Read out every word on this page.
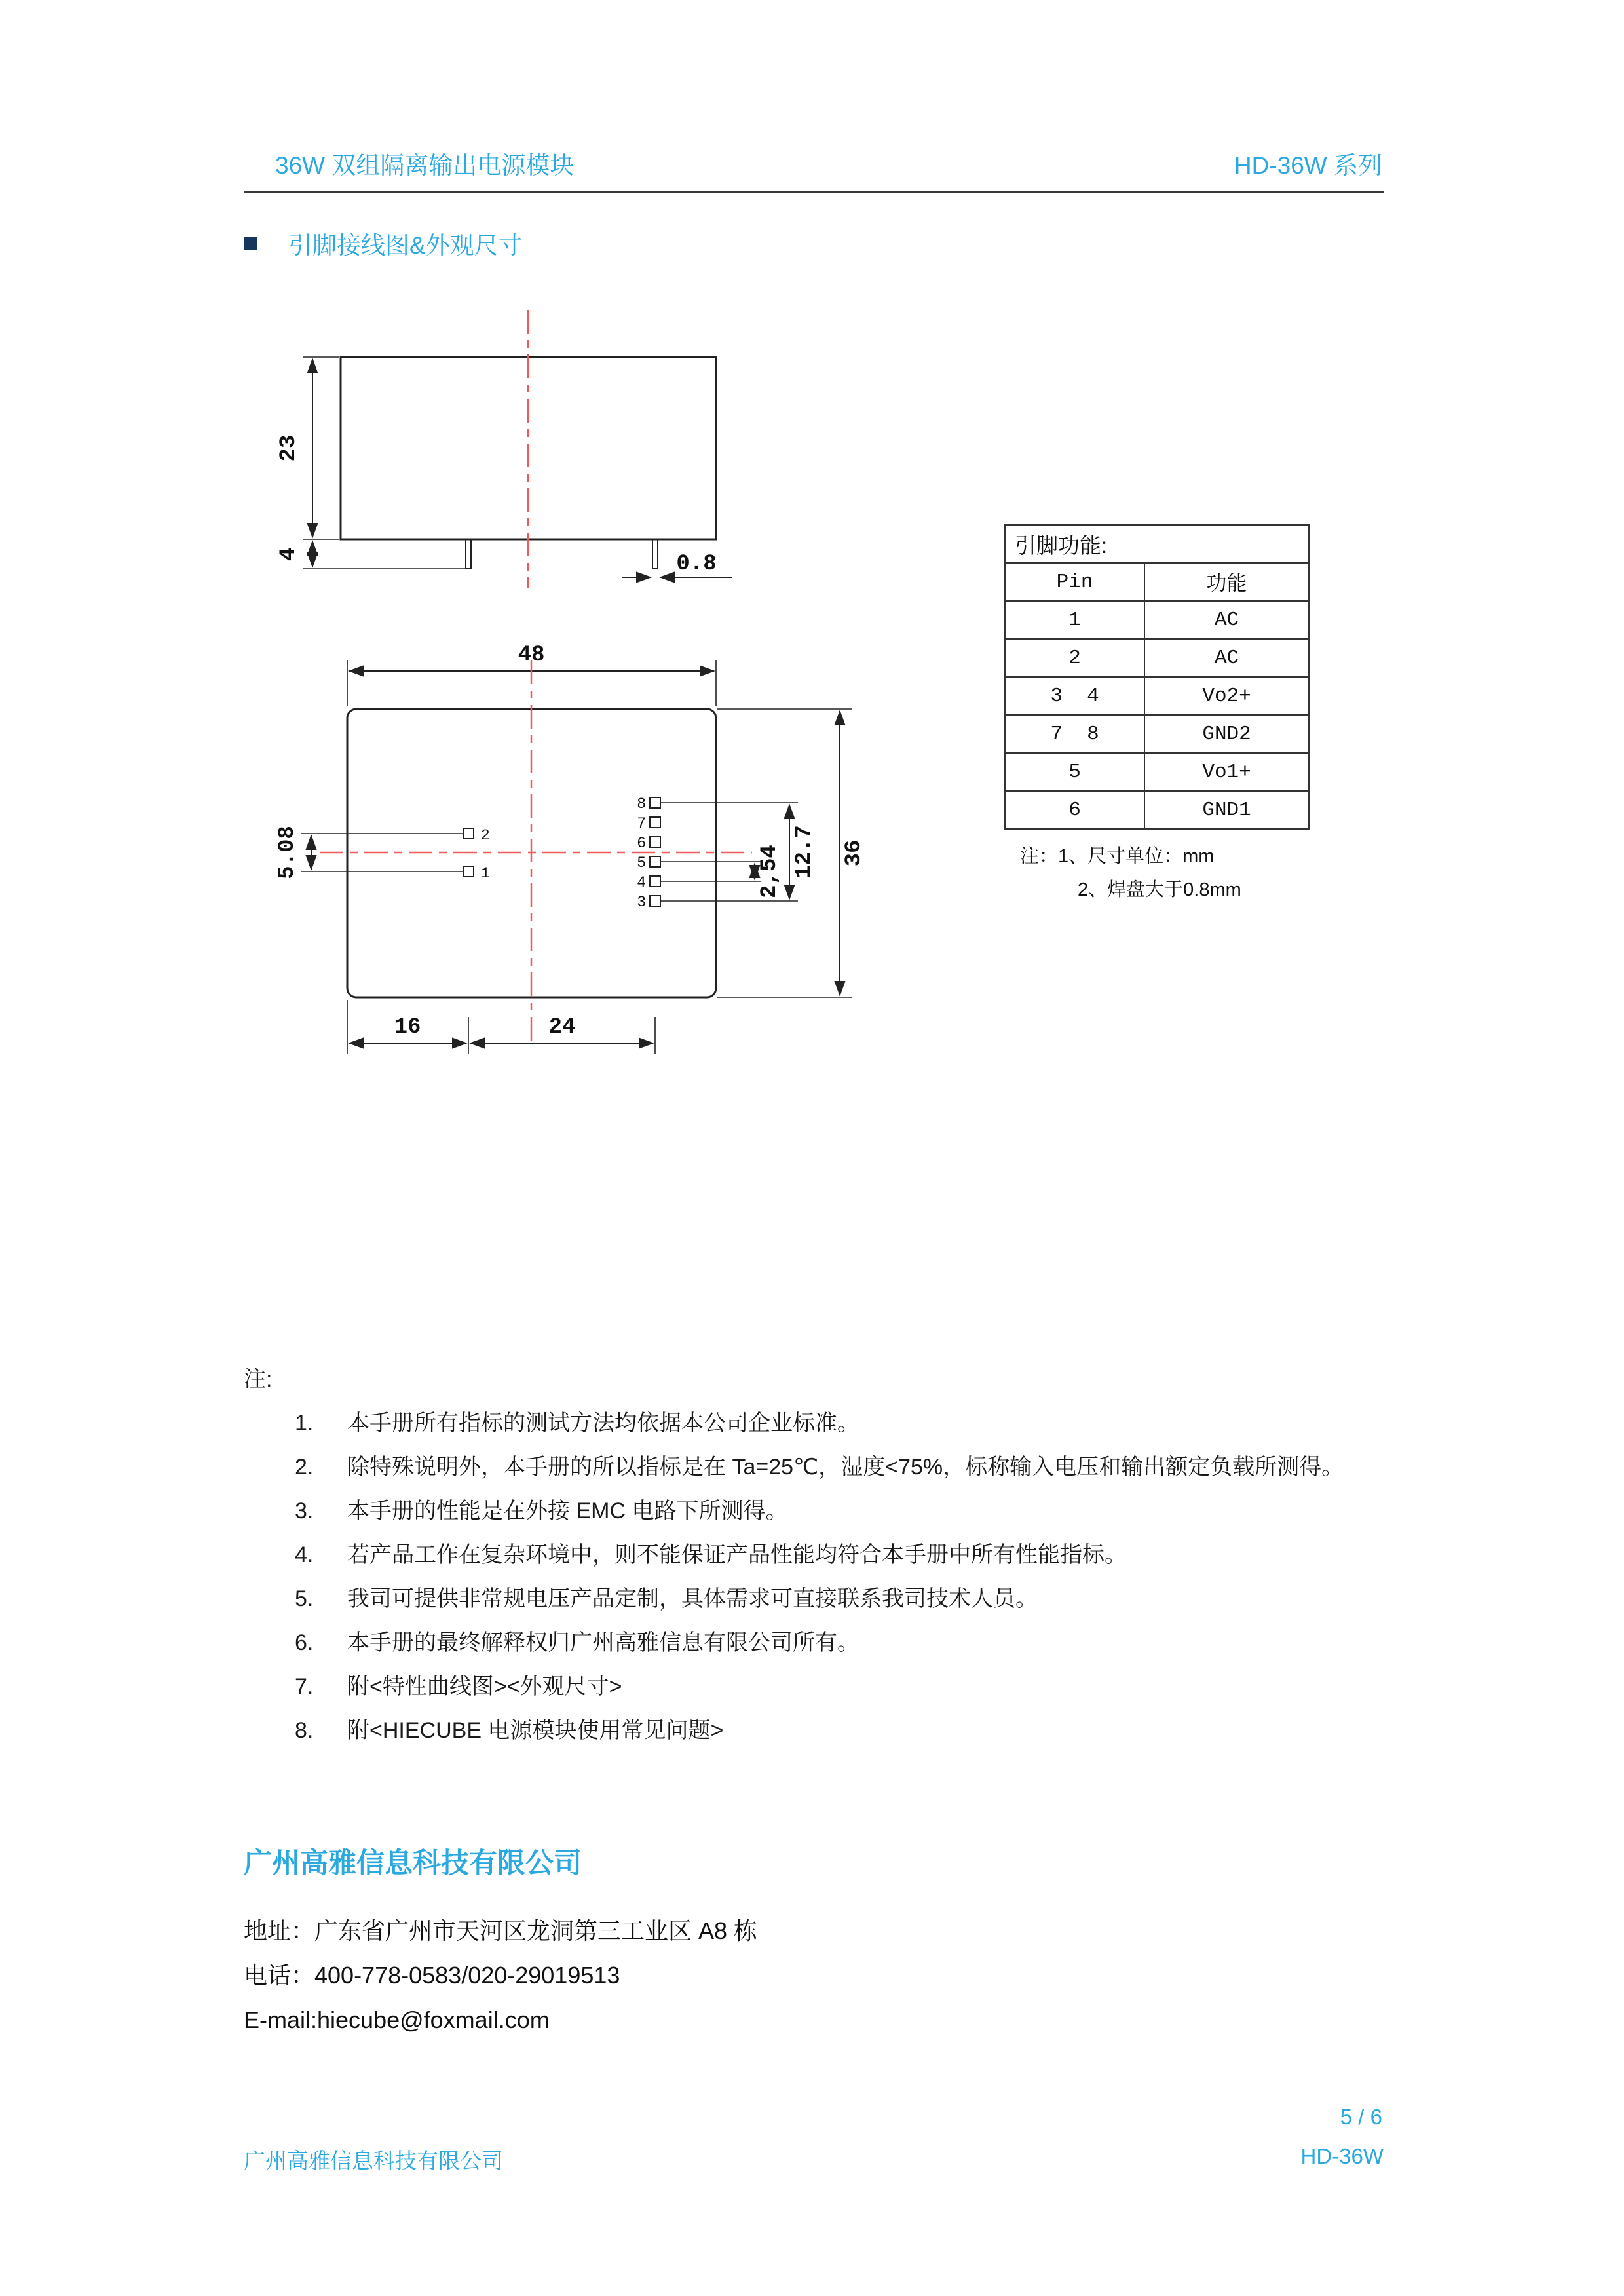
36W 双组隔离输出电源模块	HD-36W 系列
引脚接线图&外观尺寸
23
4	0.8
48
2
1
8
7
6
5
4
3
5.08	2,54 12.7 36
16	24
引脚功能:	
Pin	功能
1	AC
2	AC
3  4	Vo2+
7  8	GND2
5	Vo1+
6	GND1
注：1、尺寸单位：mm
2、焊盘大于0.8mm
注:
1.	本手册所有指标的测试方法均依据本公司企业标准。
2.	除特殊说明外，本手册的所以指标是在 Ta=25℃，湿度<75%，标称输入电压和输出额定负载所测得。
3.	本手册的性能是在外接 EMC 电路下所测得。
4.	若产品工作在复杂环境中，则不能保证产品性能均符合本手册中所有性能指标。
5.	我司可提供非常规电压产品定制，具体需求可直接联系我司技术人员。
6.	本手册的最终解释权归广州高雅信息有限公司所有。
7.	附<特性曲线图><外观尺寸>
8.	附<HIECUBE 电源模块使用常见问题>
广州高雅信息科技有限公司
地址：广东省广州市天河区龙洞第三工业区 A8 栋
电话：400-778-0583/020-29019513
E-mail:hiecube@foxmail.com
5 / 6
广州高雅信息科技有限公司	HD-36W
